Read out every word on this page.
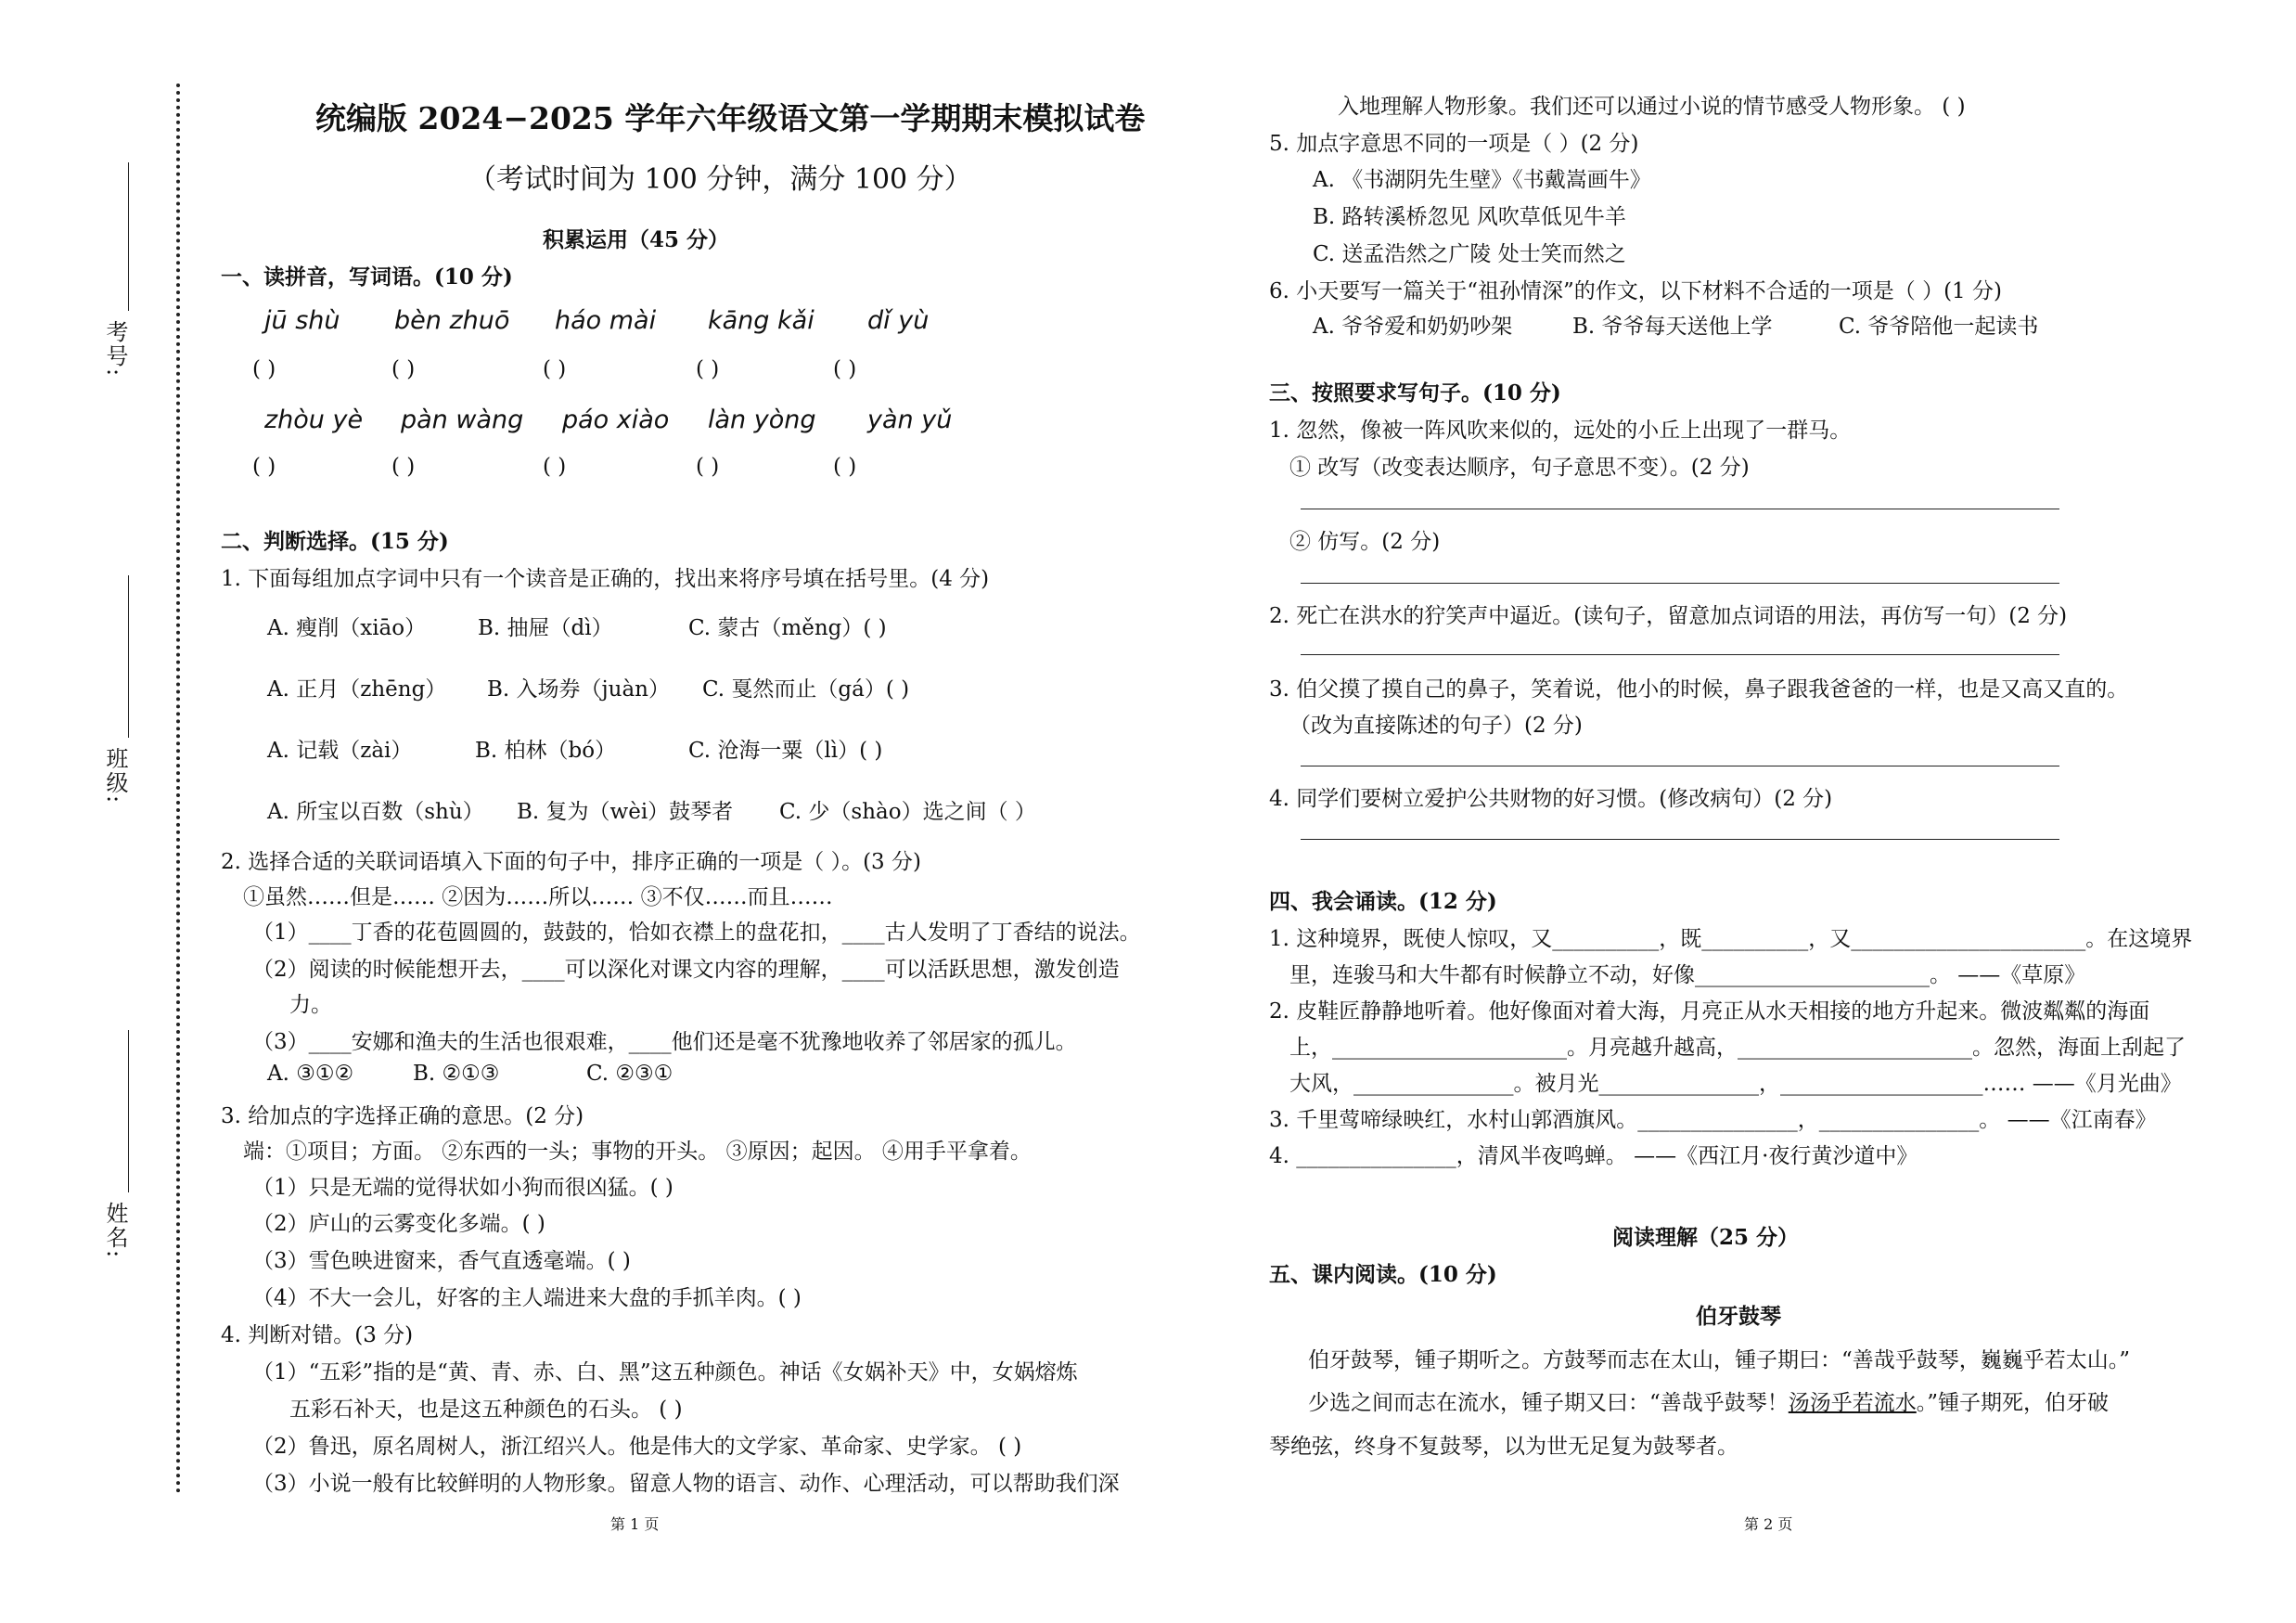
考号:
班级:
姓名:
统编版 2024−2025 学年六年级语文第一学期期末模拟试卷
（考试时间为 100 分钟，满分 100 分）
积累运用（45 分）
一、读拼音，写词语。(10 分)
jū shù bèn zhuō háo mài kāng kǎi dǐ yù
( )	( )	( )	( )	( )
zhòu yè pàn wàng páo xiào làn yòng yàn yǔ
( )	( )	( )	( )	( )
二、判断选择。(15 分)
1. 下面每组加点字词中只有一个读音是正确的，找出来将序号填在括号里。(4 分)
A. 瘦削（xiāo） B. 抽屉（dì）	C. 蒙古（měng）( )
A. 正月（zhēng） B. 入场券（juàn） C. 戛然而止（gá）( )
A. 记载（zài）	B. 柏林（bó）	C. 沧海一粟（lì）( )
A. 所宝以百数（shù） B. 复为（wèi）鼓琴者 C. 少（shào）选之间（ ）
2. 选择合适的关联词语填入下面的句子中，排序正确的一项是（ ）。(3 分)
①虽然……但是…… ②因为……所以…… ③不仅……而且……
（1）____丁香的花苞圆圆的，鼓鼓的，恰如衣襟上的盘花扣，____古人发明了丁香结的说法。
（2）阅读的时候能想开去，____可以深化对课文内容的理解，____可以活跃思想，激发创造
力。
（3）____安娜和渔夫的生活也很艰难，____他们还是毫不犹豫地收养了邻居家的孤儿。
A. ③①②	B. ②①③	C. ②③①
3. 给加点的字选择正确的意思。(2 分)
端：①项目；方面。 ②东西的一头；事物的开头。 ③原因；起因。 ④用手平拿着。
（1）只是无端的觉得状如小狗而很凶猛。( )
（2）庐山的云雾变化多端。( )
（3）雪色映进窗来，香气直透毫端。( )
（4）不大一会儿，好客的主人端进来大盘的手抓羊肉。( )
4. 判断对错。(3 分)
（1）“五彩”指的是“黄、青、赤、白、黑”这五种颜色。神话《女娲补天》中，女娲熔炼
五彩石补天，也是这五种颜色的石头。 ( )
（2）鲁迅，原名周树人，浙江绍兴人。他是伟大的文学家、革命家、史学家。 ( )
（3）小说一般有比较鲜明的人物形象。留意人物的语言、动作、心理活动，可以帮助我们深
第 1 页
入地理解人物形象。我们还可以通过小说的情节感受人物形象。 ( )
5. 加点字意思不同的一项是（ ）(2 分)
A. 《书湖阴先生壁》《书戴嵩画牛》
B. 路转溪桥忽见 风吹草低见牛羊
C. 送孟浩然之广陵 处士笑而然之
6. 小天要写一篇关于“祖孙情深”的作文，以下材料不合适的一项是（ ）(1 分)
A. 爷爷爱和奶奶吵架	B. 爷爷每天送他上学	C. 爷爷陪他一起读书
三、按照要求写句子。(10 分)
1. 忽然，像被一阵风吹来似的，远处的小丘上出现了一群马。
① 改写（改变表达顺序，句子意思不变）。(2 分)
② 仿写。(2 分)
2. 死亡在洪水的狞笑声中逼近。(读句子，留意加点词语的用法，再仿写一句）(2 分)
3. 伯父摸了摸自己的鼻子，笑着说，他小的时候，鼻子跟我爸爸的一样，也是又高又直的。
（改为直接陈述的句子）(2 分)
4. 同学们要树立爱护公共财物的好习惯。(修改病句）(2 分)
四、我会诵读。(12 分)
1. 这种境界，既使人惊叹，又__________，既__________，又______________________。在这境界
里，连骏马和大牛都有时候静立不动，好像______________________。 ——《草原》
2. 皮鞋匠静静地听着。他好像面对着大海，月亮正从水天相接的地方升起来。微波粼粼的海面
上，______________________。月亮越升越高，______________________。忽然，海面上刮起了
大风，_______________。被月光_______________，___________________…… ——《月光曲》
3. 千里莺啼绿映红，水村山郭酒旗风。_______________，_______________。 ——《江南春》
4. _______________，清风半夜鸣蝉。 ——《西江月·夜行黄沙道中》
阅读理解（25 分）
五、课内阅读。(10 分)
伯牙鼓琴
伯牙鼓琴，锺子期听之。方鼓琴而志在太山，锺子期曰：“善哉乎鼓琴，巍巍乎若太山。”
少选之间而志在流水，锺子期又曰：“善哉乎鼓琴！汤汤乎若流水。”锺子期死，伯牙破
琴绝弦，终身不复鼓琴，以为世无足复为鼓琴者。
第 2 页
